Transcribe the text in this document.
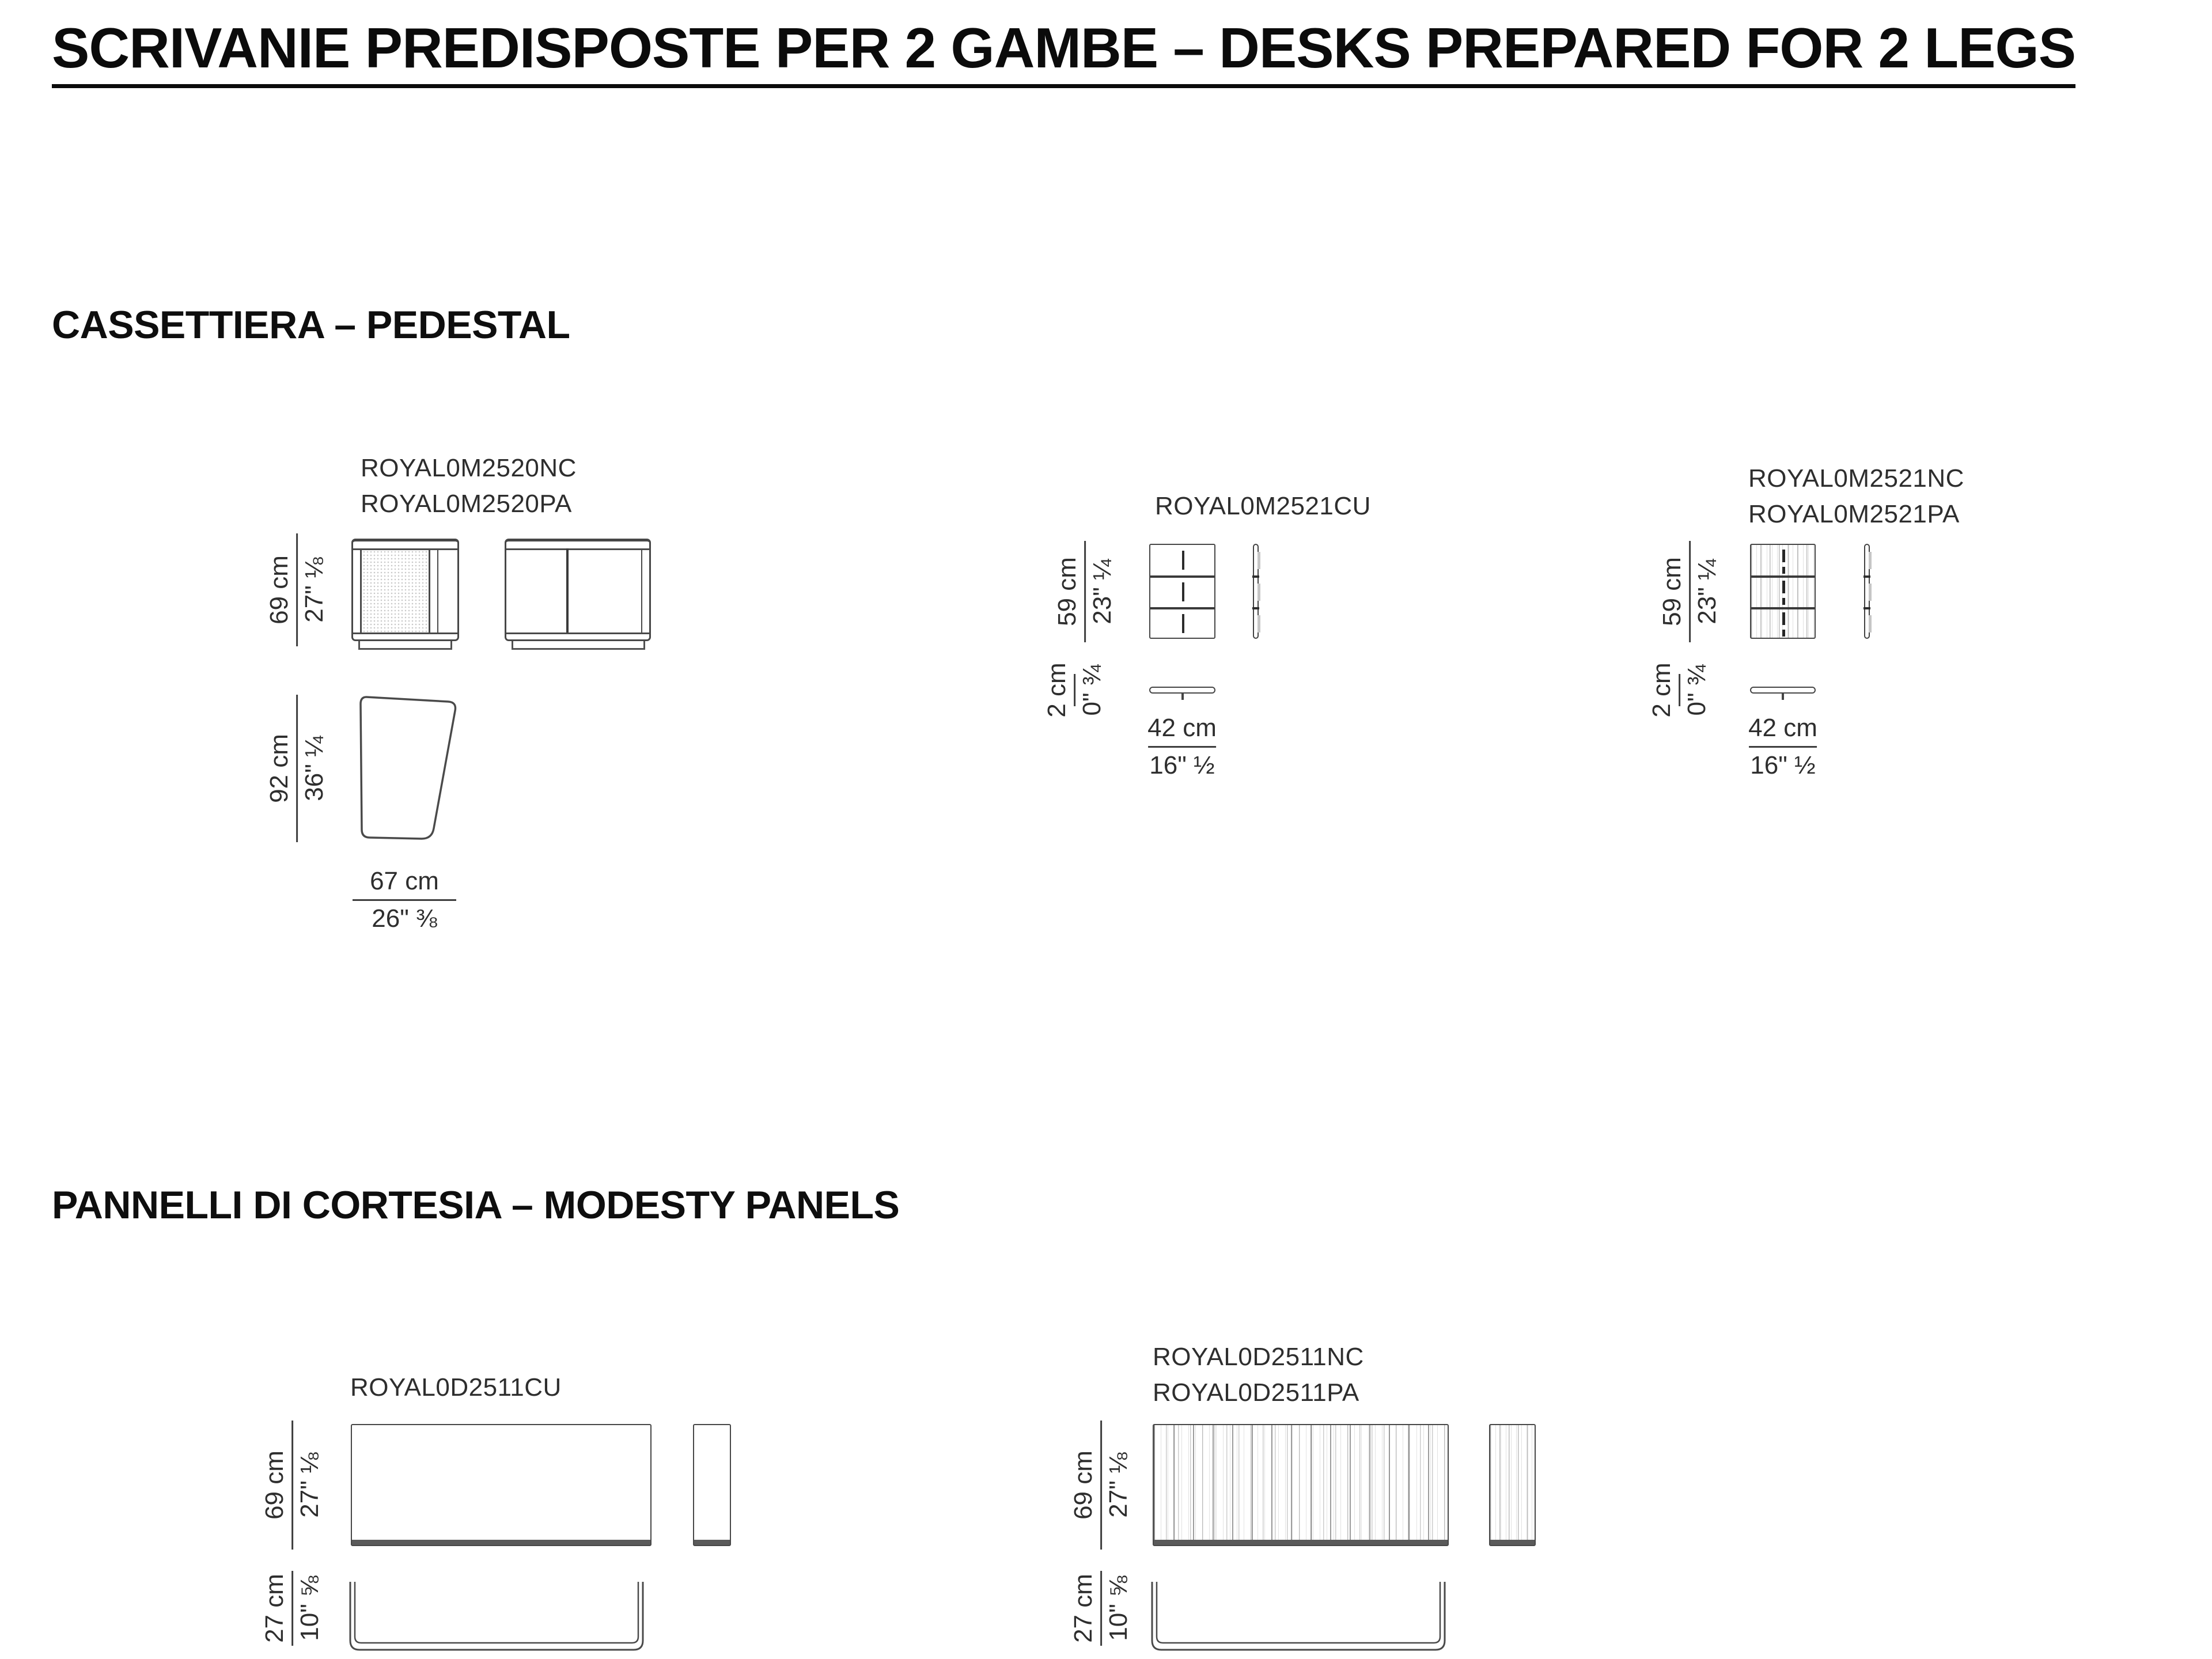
SCRIVANIE PREDISPOSTE PER 2 GAMBE – DESKS PREPARED FOR 2 LEGS
CASSETTIERA – PEDESTAL
ROYAL0M2520NC
ROYAL0M2520PA
69 cm 27" ⅛
92 cm 36" ¼
67 cm
26" ⅜
ROYAL0M2521CU
59 cm 23" ¼
2 cm 0" ¾
42 cm
16" ½
ROYAL0M2521NC
ROYAL0M2521PA
59 cm 23" ¼
2 cm 0" ¾
42 cm
16" ½
PANNELLI DI CORTESIA – MODESTY PANELS
ROYAL0D2511CU
69 cm 27" ⅛
27 cm 10" ⅝
ROYAL0D2511NC
ROYAL0D2511PA
69 cm 27" ⅛
27 cm 10" ⅝
